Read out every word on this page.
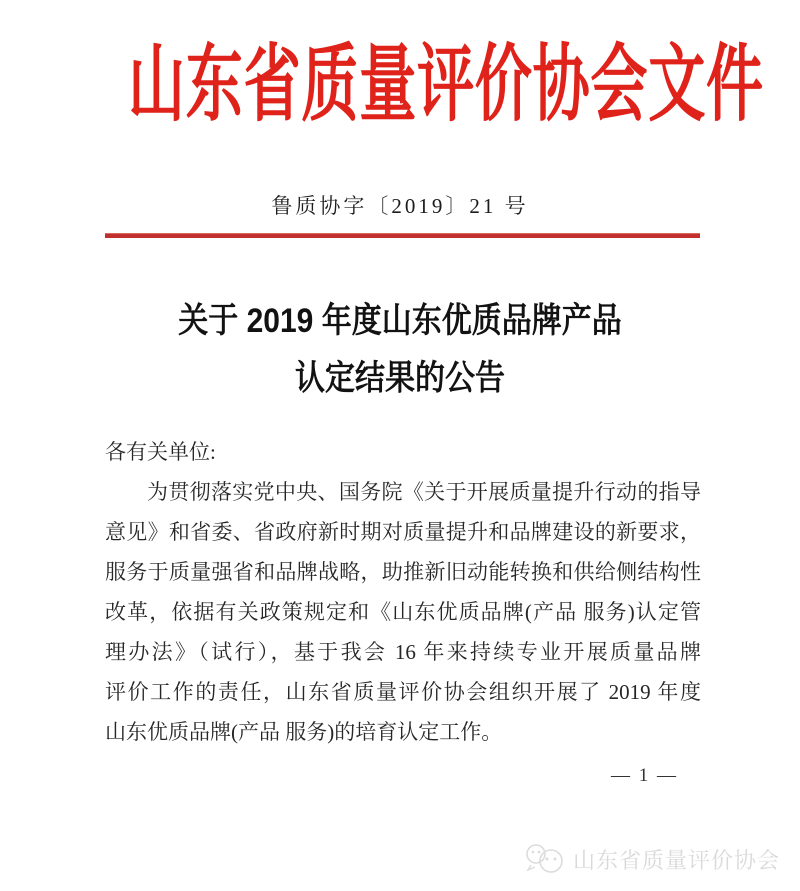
山东省质量评价协会文件
鲁质协字〔2019〕21 号
关于 2019 年度山东优质品牌产品
认定结果的公告
各有关单位:
为贯彻落实党中央、国务院《关于开展质量提升行动的指导
意见》和省委、省政府新时期对质量提升和品牌建设的新要求，
服务于质量强省和品牌战略，助推新旧动能转换和供给侧结构性
改革，依据有关政策规定和《山东优质品牌(产品 服务)认定管
理办法》（试行），基于我会 16 年来持续专业开展质量品牌
评价工作的责任，山东省质量评价协会组织开展了 2019 年度
山东优质品牌(产品 服务)的培育认定工作。
— 1 —
山东省质量评价协会
